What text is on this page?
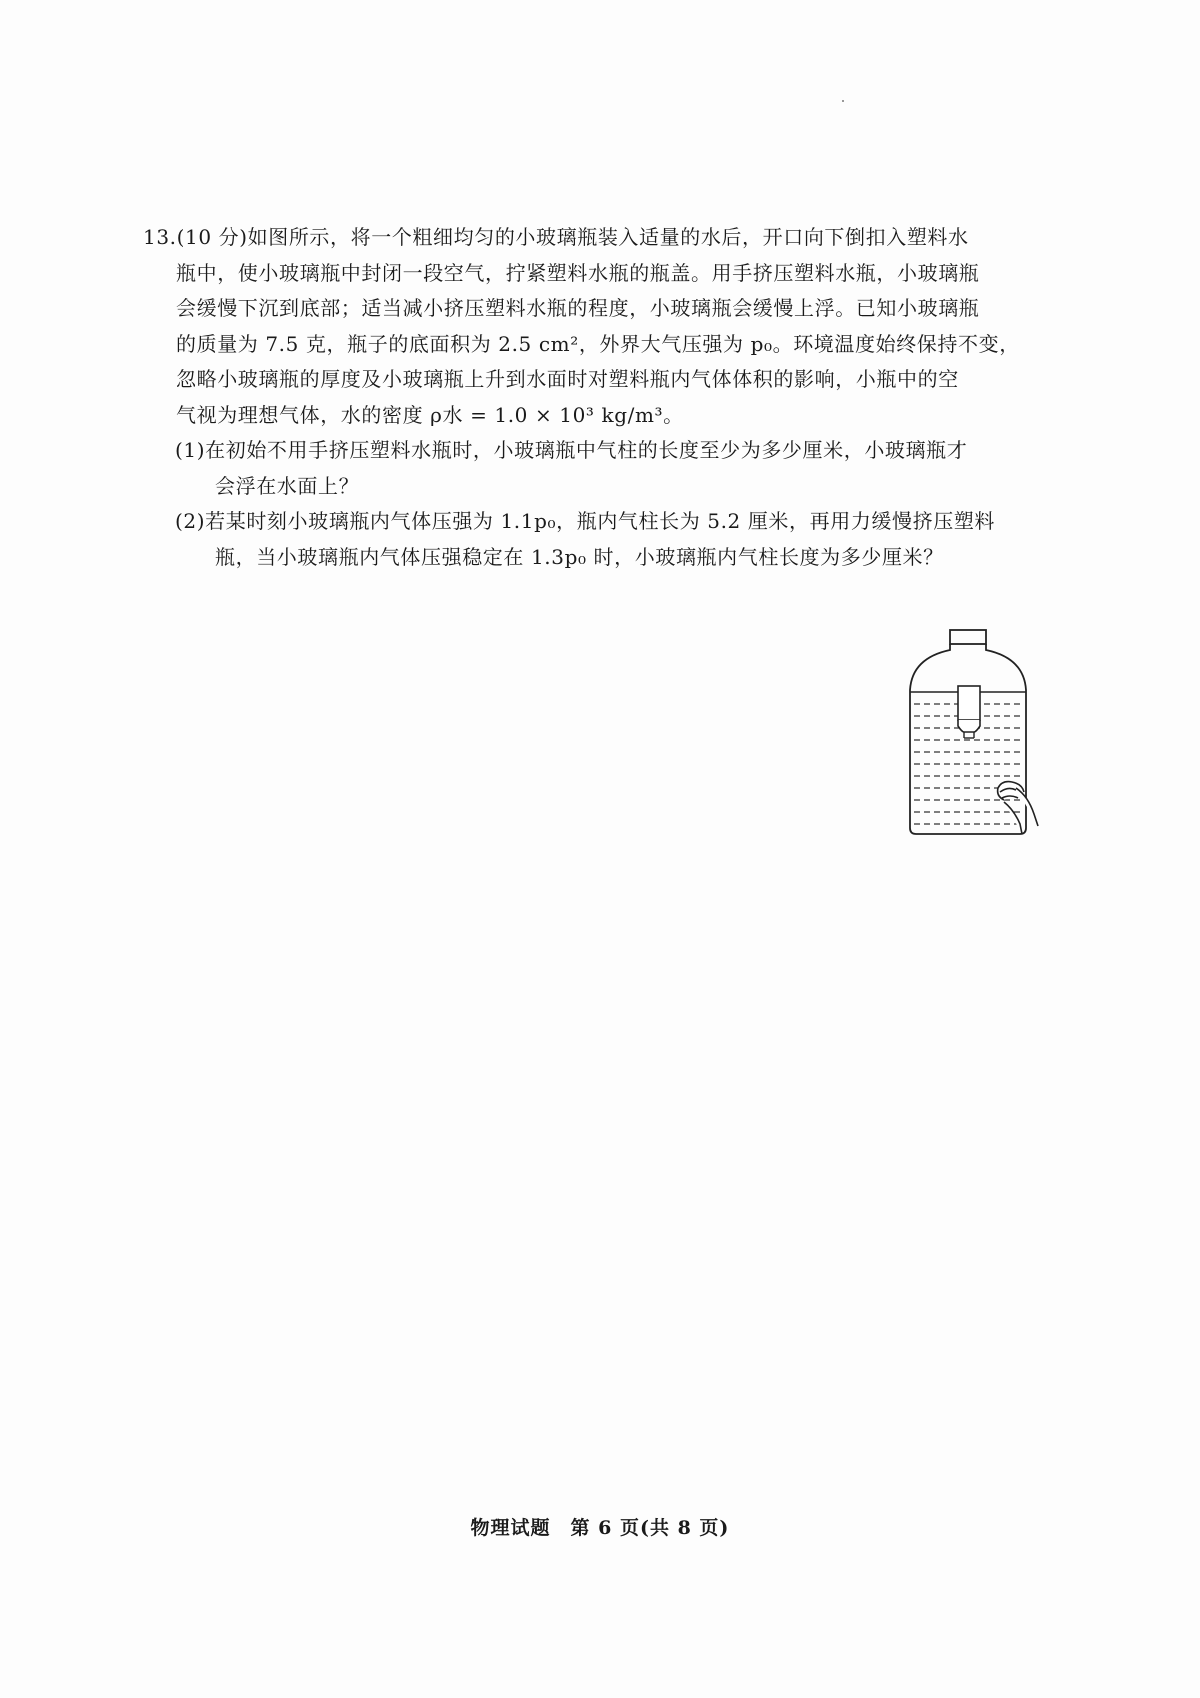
13.(10 分)如图所示，将一个粗细均匀的小玻璃瓶装入适量的水后，开口向下倒扣入塑料水
瓶中，使小玻璃瓶中封闭一段空气，拧紧塑料水瓶的瓶盖。用手挤压塑料水瓶，小玻璃瓶
会缓慢下沉到底部；适当减小挤压塑料水瓶的程度，小玻璃瓶会缓慢上浮。已知小玻璃瓶
的质量为 7.5 克，瓶子的底面积为 2.5 cm²，外界大气压强为 p₀。环境温度始终保持不变，
忽略小玻璃瓶的厚度及小玻璃瓶上升到水面时对塑料瓶内气体体积的影响，小瓶中的空
气视为理想气体，水的密度 ρ水 = 1.0 × 10³ kg/m³。
(1)在初始不用手挤压塑料水瓶时，小玻璃瓶中气柱的长度至少为多少厘米，小玻璃瓶才
会浮在水面上？
(2)若某时刻小玻璃瓶内气体压强为 1.1p₀，瓶内气柱长为 5.2 厘米，再用力缓慢挤压塑料
瓶，当小玻璃瓶内气体压强稳定在 1.3p₀ 时，小玻璃瓶内气柱长度为多少厘米？
物理试题　第 6 页(共 8 页)
